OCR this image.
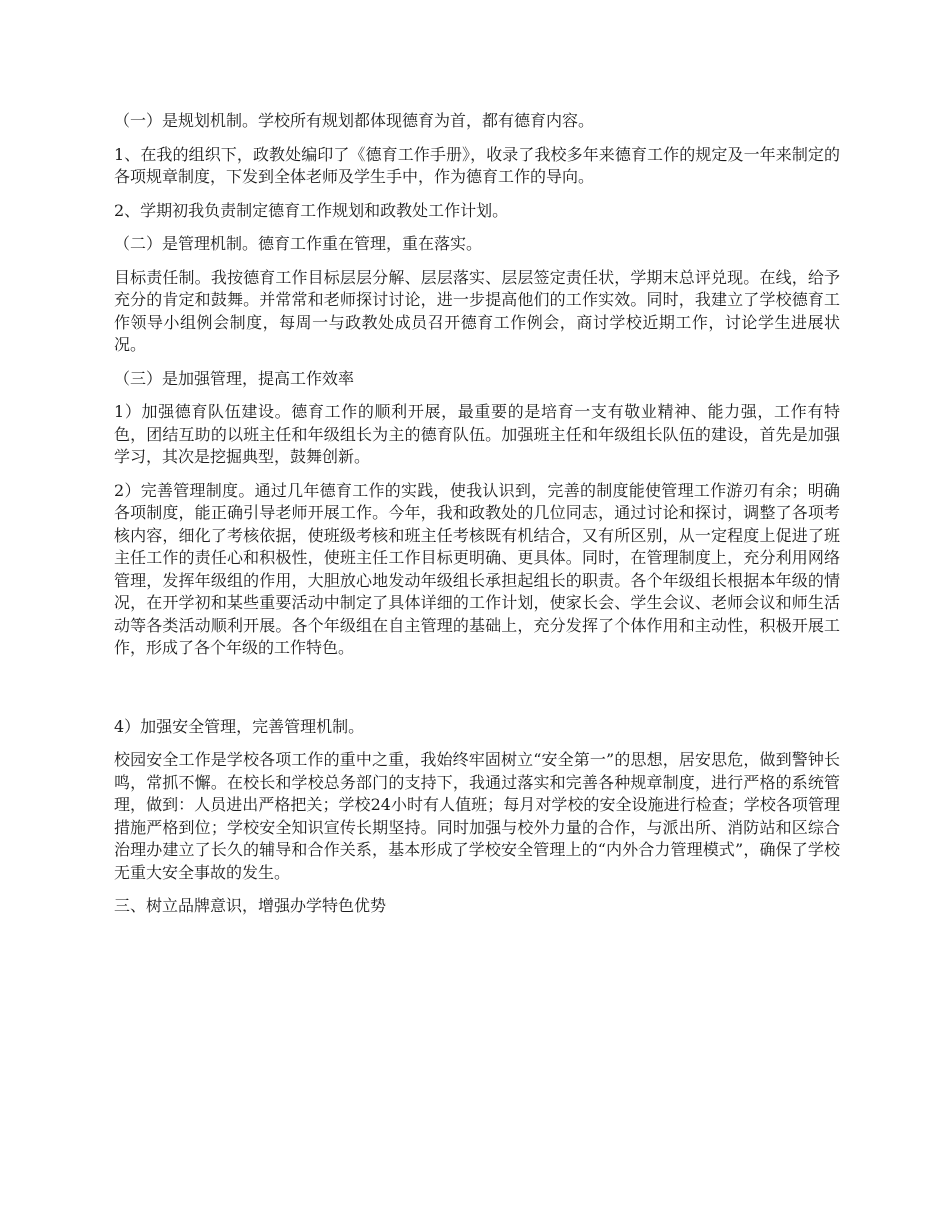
（一）是规划机制。学校所有规划都体现德育为首，都有德育内容。

1、在我的组织下，政教处编印了《德育工作手册》，收录了我校多年来德育工作的规定及一年来制定的各项规章制度，下发到全体老师及学生手中，作为德育工作的导向。

2、学期初我负责制定德育工作规划和政教处工作计划。

（二）是管理机制。德育工作重在管理，重在落实。

目标责任制。我按德育工作目标层层分解、层层落实、层层签定责任状，学期末总评兑现。在线，给予充分的肯定和鼓舞。并常常和老师探讨讨论，进一步提高他们的工作实效。同时，我建立了学校德育工作领导小组例会制度，每周一与政教处成员召开德育工作例会，商讨学校近期工作，讨论学生进展状况。

（三）是加强管理，提高工作效率

1）加强德育队伍建设。德育工作的顺利开展，最重要的是培育一支有敬业精神、能力强，工作有特色，团结互助的以班主任和年级组长为主的德育队伍。加强班主任和年级组长队伍的建设，首先是加强学习，其次是挖掘典型，鼓舞创新。

2）完善管理制度。通过几年德育工作的实践，使我认识到，完善的制度能使管理工作游刃有余；明确各项制度，能正确引导老师开展工作。今年，我和政教处的几位同志，通过讨论和探讨，调整了各项考核内容，细化了考核依据，使班级考核和班主任考核既有机结合，又有所区别，从一定程度上促进了班主任工作的责任心和积极性，使班主任工作目标更明确、更具体。同时，在管理制度上，充分利用网络管理，发挥年级组的作用，大胆放心地发动年级组长承担起组长的职责。各个年级组长根据本年级的情况，在开学初和某些重要活动中制定了具体详细的工作计划，使家长会、学生会议、老师会议和师生活动等各类活动顺利开展。各个年级组在自主管理的基础上，充分发挥了个体作用和主动性，积极开展工作，形成了各个年级的工作特色。

4）加强安全管理，完善管理机制。

校园安全工作是学校各项工作的重中之重，我始终牢固树立“安全第一”的思想，居安思危，做到警钟长鸣，常抓不懈。在校长和学校总务部门的支持下，我通过落实和完善各种规章制度，进行严格的系统管理，做到：人员进出严格把关；学校24小时有人值班；每月对学校的安全设施进行检查；学校各项管理措施严格到位；学校安全知识宣传长期坚持。同时加强与校外力量的合作，与派出所、消防站和区综合治理办建立了长久的辅导和合作关系，基本形成了学校安全管理上的“内外合力管理模式”，确保了学校无重大安全事故的发生。

三、树立品牌意识，增强办学特色优势
